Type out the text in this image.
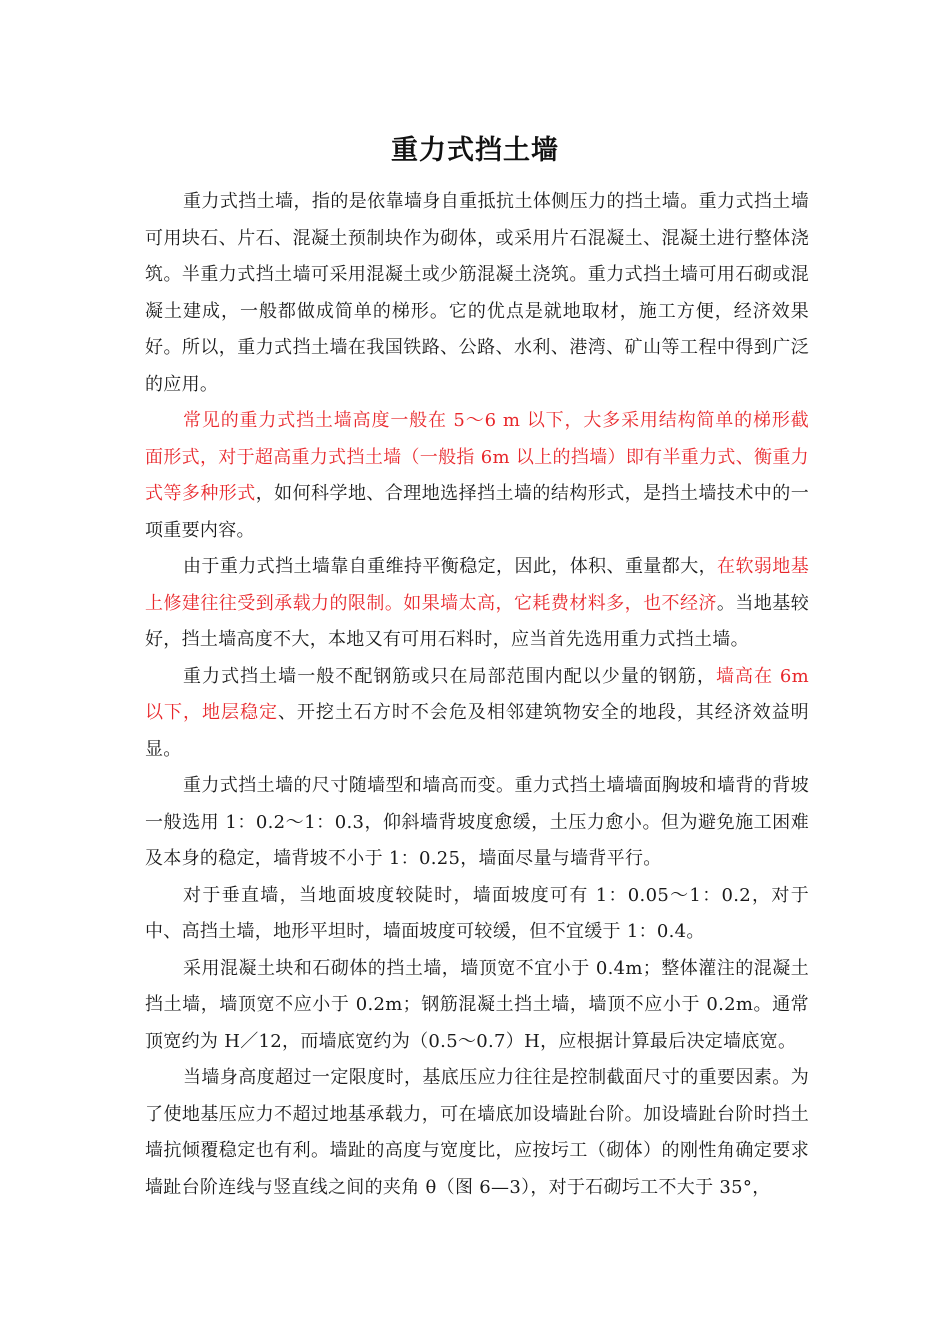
重力式挡土墙

重力式挡土墙，指的是依靠墙身自重抵抗土体侧压力的挡土墙。重力式挡土墙可用块石、片石、混凝土预制块作为砌体，或采用片石混凝土、混凝土进行整体浇筑。半重力式挡土墙可采用混凝土或少筋混凝土浇筑。重力式挡土墙可用石砌或混凝土建成，一般都做成简单的梯形。它的优点是就地取材，施工方便，经济效果好。所以，重力式挡土墙在我国铁路、公路、水利、港湾、矿山等工程中得到广泛的应用。

常见的重力式挡土墙高度一般在 5～6 m 以下，大多采用结构简单的梯形截面形式，对于超高重力式挡土墙（一般指 6m 以上的挡墙）即有半重力式、衡重力式等多种形式，如何科学地、合理地选择挡土墙的结构形式，是挡土墙技术中的一项重要内容。

由于重力式挡土墙靠自重维持平衡稳定，因此，体积、重量都大，在软弱地基上修建往往受到承载力的限制。如果墙太高，它耗费材料多，也不经济。当地基较好，挡土墙高度不大，本地又有可用石料时，应当首先选用重力式挡土墙。

重力式挡土墙一般不配钢筋或只在局部范围内配以少量的钢筋，墙高在 6m 以下，地层稳定、开挖土石方时不会危及相邻建筑物安全的地段，其经济效益明显。

重力式挡土墙的尺寸随墙型和墙高而变。重力式挡土墙墙面胸坡和墙背的背坡一般选用 1：0.2～1：0.3，仰斜墙背坡度愈缓，土压力愈小。但为避免施工困难及本身的稳定，墙背坡不小于 1：0.25，墙面尽量与墙背平行。

对于垂直墙，当地面坡度较陡时，墙面坡度可有 1：0.05～1：0.2，对于中、高挡土墙，地形平坦时，墙面坡度可较缓，但不宜缓于 1：0.4。

采用混凝土块和石砌体的挡土墙，墙顶宽不宜小于 0.4m；整体灌注的混凝土挡土墙，墙顶宽不应小于 0.2m；钢筋混凝土挡土墙，墙顶不应小于 0.2m。通常顶宽约为 H／12，而墙底宽约为（0.5～0.7）H，应根据计算最后决定墙底宽。

当墙身高度超过一定限度时，基底压应力往往是控制截面尺寸的重要因素。为了使地基压应力不超过地基承载力，可在墙底加设墙趾台阶。加设墙趾台阶时挡土墙抗倾覆稳定也有利。墙趾的高度与宽度比，应按圬工（砌体）的刚性角确定要求墙趾台阶连线与竖直线之间的夹角 θ（图 6—3），对于石砌圬工不大于 35°，
